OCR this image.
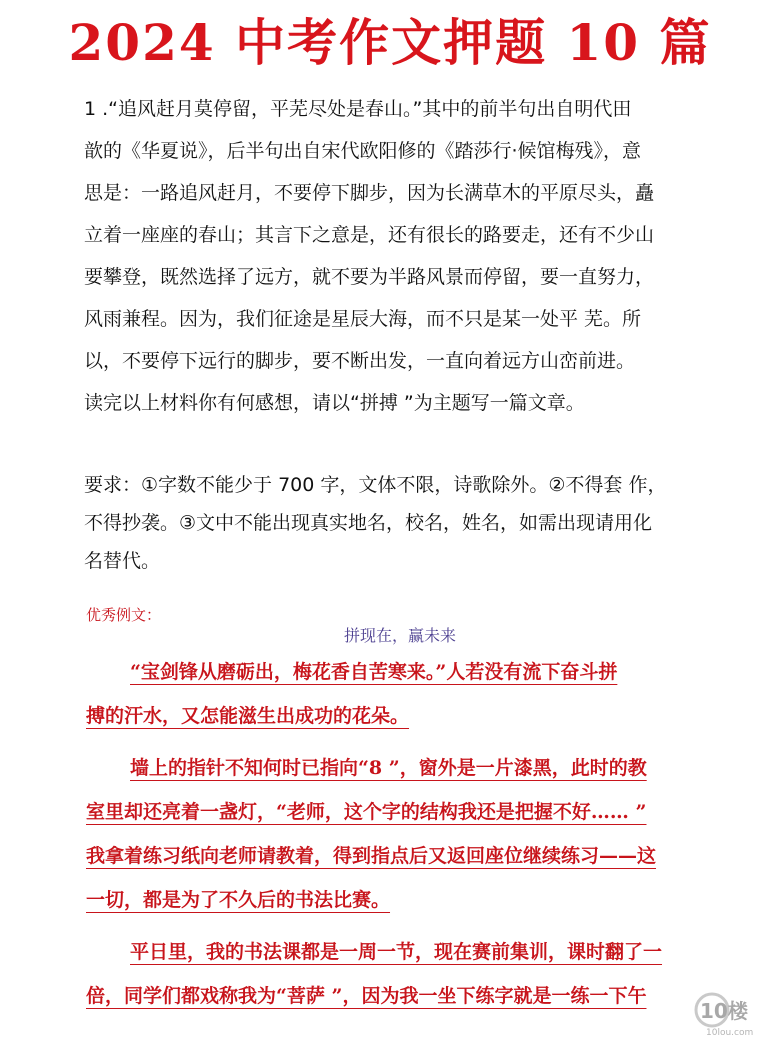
2024 中考作文押题 10 篇
1 .“追风赶月莫停留，平芜尽处是春山。”其中的前半句出自明代田
歆的《华夏说》，后半句出自宋代欧阳修的《踏莎行·候馆梅残》，意
思是：一路追风赶月，不要停下脚步，因为长满草木的平原尽头，矗
立着一座座的春山；其言下之意是，还有很长的路要走，还有不少山
要攀登，既然选择了远方，就不要为半路风景而停留，要一直努力，
风雨兼程。因为，我们征途是星辰大海，而不只是某一处平 芜。所
以，不要停下远行的脚步，要不断出发，一直向着远方山峦前进。
读完以上材料你有何感想，请以“拼搏 ”为主题写一篇文章。
要求：①字数不能少于 700 字，文体不限，诗歌除外。②不得套 作，
不得抄袭。③文中不能出现真实地名，校名，姓名，如需出现请用化
名替代。
优秀例文：
拼现在，赢未来
“宝剑锋从磨砺出，梅花香自苦寒来。”人若没有流下奋斗拼
搏的汗水，又怎能滋生出成功的花朵。
墙上的指针不知何时已指向“8 ”，窗外是一片漆黑，此时的教
室里却还亮着一盏灯，“老师，这个字的结构我还是把握不好…… ”
我拿着练习纸向老师请教着，得到指点后又返回座位继续练习——这
一切，都是为了不久后的书法比赛。
平日里，我的书法课都是一周一节，现在赛前集训，课时翻了一
倍，同学们都戏称我为“菩萨 ”，因为我一坐下练字就是一练一下午
10楼
10lou.com
